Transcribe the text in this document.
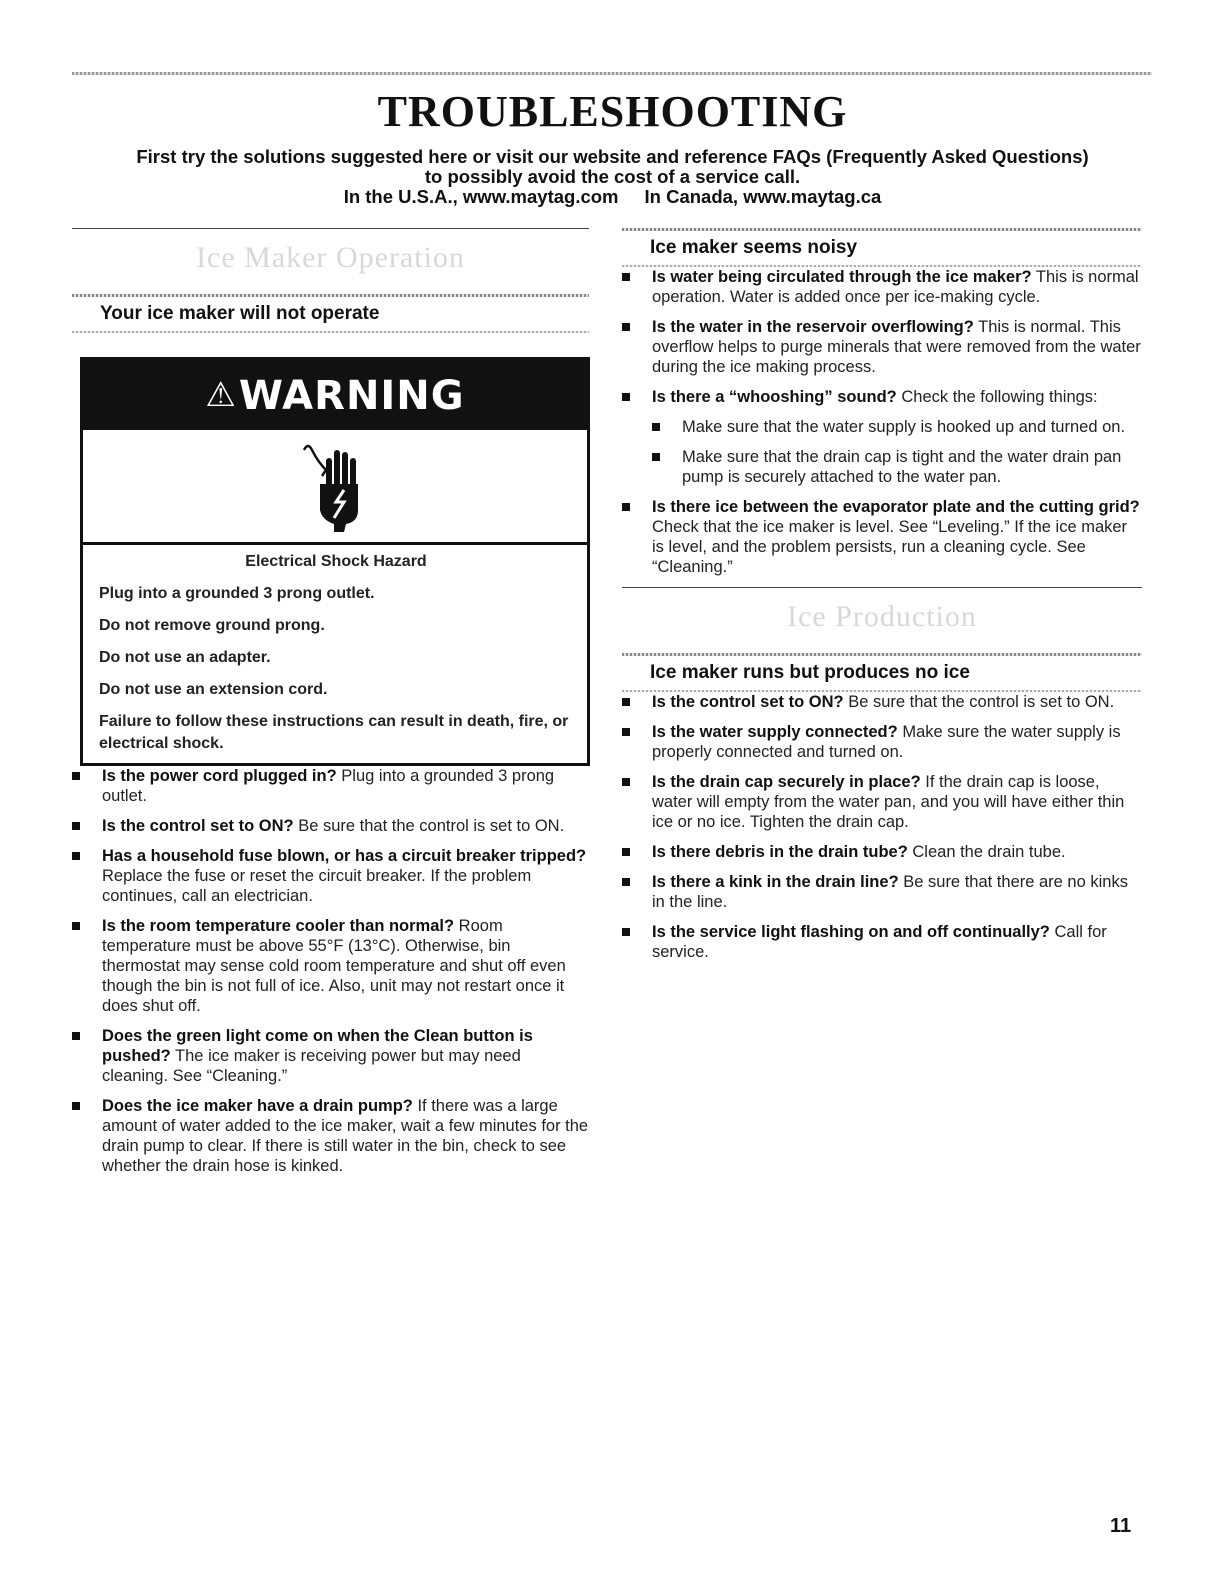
TROUBLESHOOTING
First try the solutions suggested here or visit our website and reference FAQs (Frequently Asked Questions)
to possibly avoid the cost of a service call.
In the U.S.A., www.maytag.com In Canada, www.maytag.ca
Ice Maker Operation
Your ice maker will not operate
⚠WARNING

Electrical Shock Hazard

Plug into a grounded 3 prong outlet.

Do not remove ground prong.

Do not use an adapter.

Do not use an extension cord.

Failure to follow these instructions can result in death, fire, or electrical shock.

Is the power cord plugged in? Plug into a grounded 3 prong outlet.
Is the control set to ON? Be sure that the control is set to ON.
Has a household fuse blown, or has a circuit breaker tripped? Replace the fuse or reset the circuit breaker. If the problem continues, call an electrician.
Is the room temperature cooler than normal? Room temperature must be above 55°F (13°C). Otherwise, bin thermostat may sense cold room temperature and shut off even though the bin is not full of ice. Also, unit may not restart once it does shut off.
Does the green light come on when the Clean button is pushed? The ice maker is receiving power but may need cleaning. See “Cleaning.”
Does the ice maker have a drain pump? If there was a large amount of water added to the ice maker, wait a few minutes for the drain pump to clear. If there is still water in the bin, check to see whether the drain hose is kinked.
Ice maker seems noisy
Is water being circulated through the ice maker? This is normal operation. Water is added once per ice-making cycle.
Is the water in the reservoir overflowing? This is normal. This overflow helps to purge minerals that were removed from the water during the ice making process.
Is there a “whooshing” sound? Check the following things:
Make sure that the water supply is hooked up and turned on.
Make sure that the drain cap is tight and the water drain pan pump is securely attached to the water pan.
Is there ice between the evaporator plate and the cutting grid? Check that the ice maker is level. See “Leveling.” If the ice maker is level, and the problem persists, run a cleaning cycle. See “Cleaning.”
Ice Production
Ice maker runs but produces no ice
Is the control set to ON? Be sure that the control is set to ON.
Is the water supply connected? Make sure the water supply is properly connected and turned on.
Is the drain cap securely in place? If the drain cap is loose, water will empty from the water pan, and you will have either thin ice or no ice. Tighten the drain cap.
Is there debris in the drain tube? Clean the drain tube.
Is there a kink in the drain line? Be sure that there are no kinks in the line.
Is the service light flashing on and off continually? Call for service.
11
